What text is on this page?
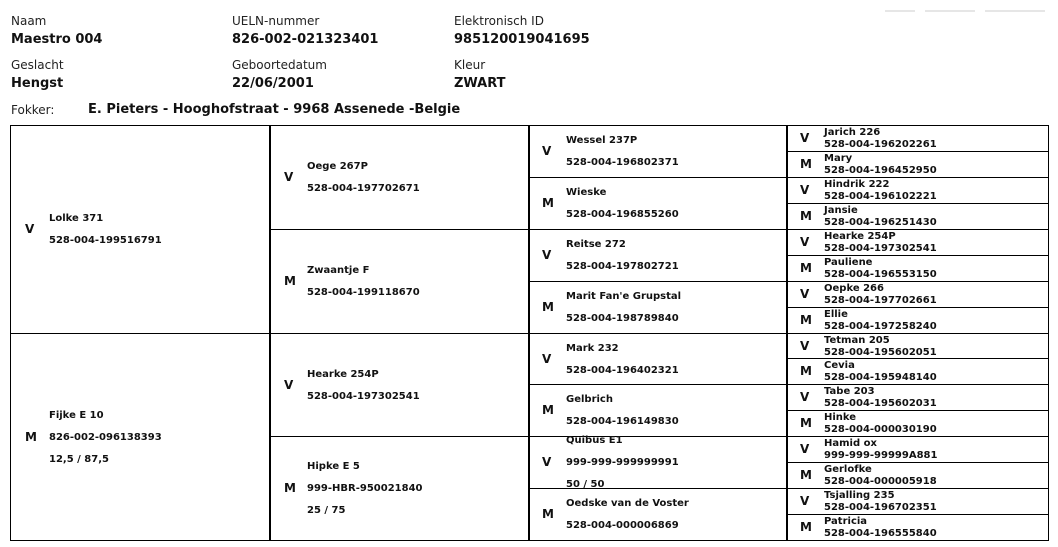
Naam
Maestro 004
UELN-nummer
826-002-021323401
Elektronisch ID
985120019041695
Geslacht
Hengst
Geboortedatum
22/06/2001
Kleur
ZWART
Fokker:	E. Pieters - Hooghofstraat - 9968 Assenede -Belgie
V
Lolke 371
528-004-199516791
M
Fijke E 10
826-002-096138393
12,5 / 87,5
V
Oege 267P
528-004-197702671
M
Zwaantje F
528-004-199118670
V
Hearke 254P
528-004-197302541
M
Hipke E 5
999-HBR-950021840
25 / 75
V
Wessel 237P
528-004-196802371
M
Wieske
528-004-196855260
V
Reitse 272
528-004-197802721
M
Marit Fan'e Grupstal
528-004-198789840
V
Mark 232
528-004-196402321
M
Gelbrich
528-004-196149830
V
Quibus E1
999-999-999999991
50 / 50
M
Oedske van de Voster
528-004-000006869
V Jarich 226
528-004-196202261
M Mary
528-004-196452950
V Hindrik 222
528-004-196102221
M Jansie
528-004-196251430
V Hearke 254P
528-004-197302541
M Pauliene
528-004-196553150
V Oepke 266
528-004-197702661
M Ellie
528-004-197258240
V Tetman 205
528-004-195602051
M Cevia
528-004-195948140
V Tabe 203
528-004-195602031
M Hinke
528-004-000030190
V Hamid ox
999-999-99999A881
M Gerlofke
528-004-000005918
V Tsjalling 235
528-004-196702351
M Patricia
528-004-196555840
